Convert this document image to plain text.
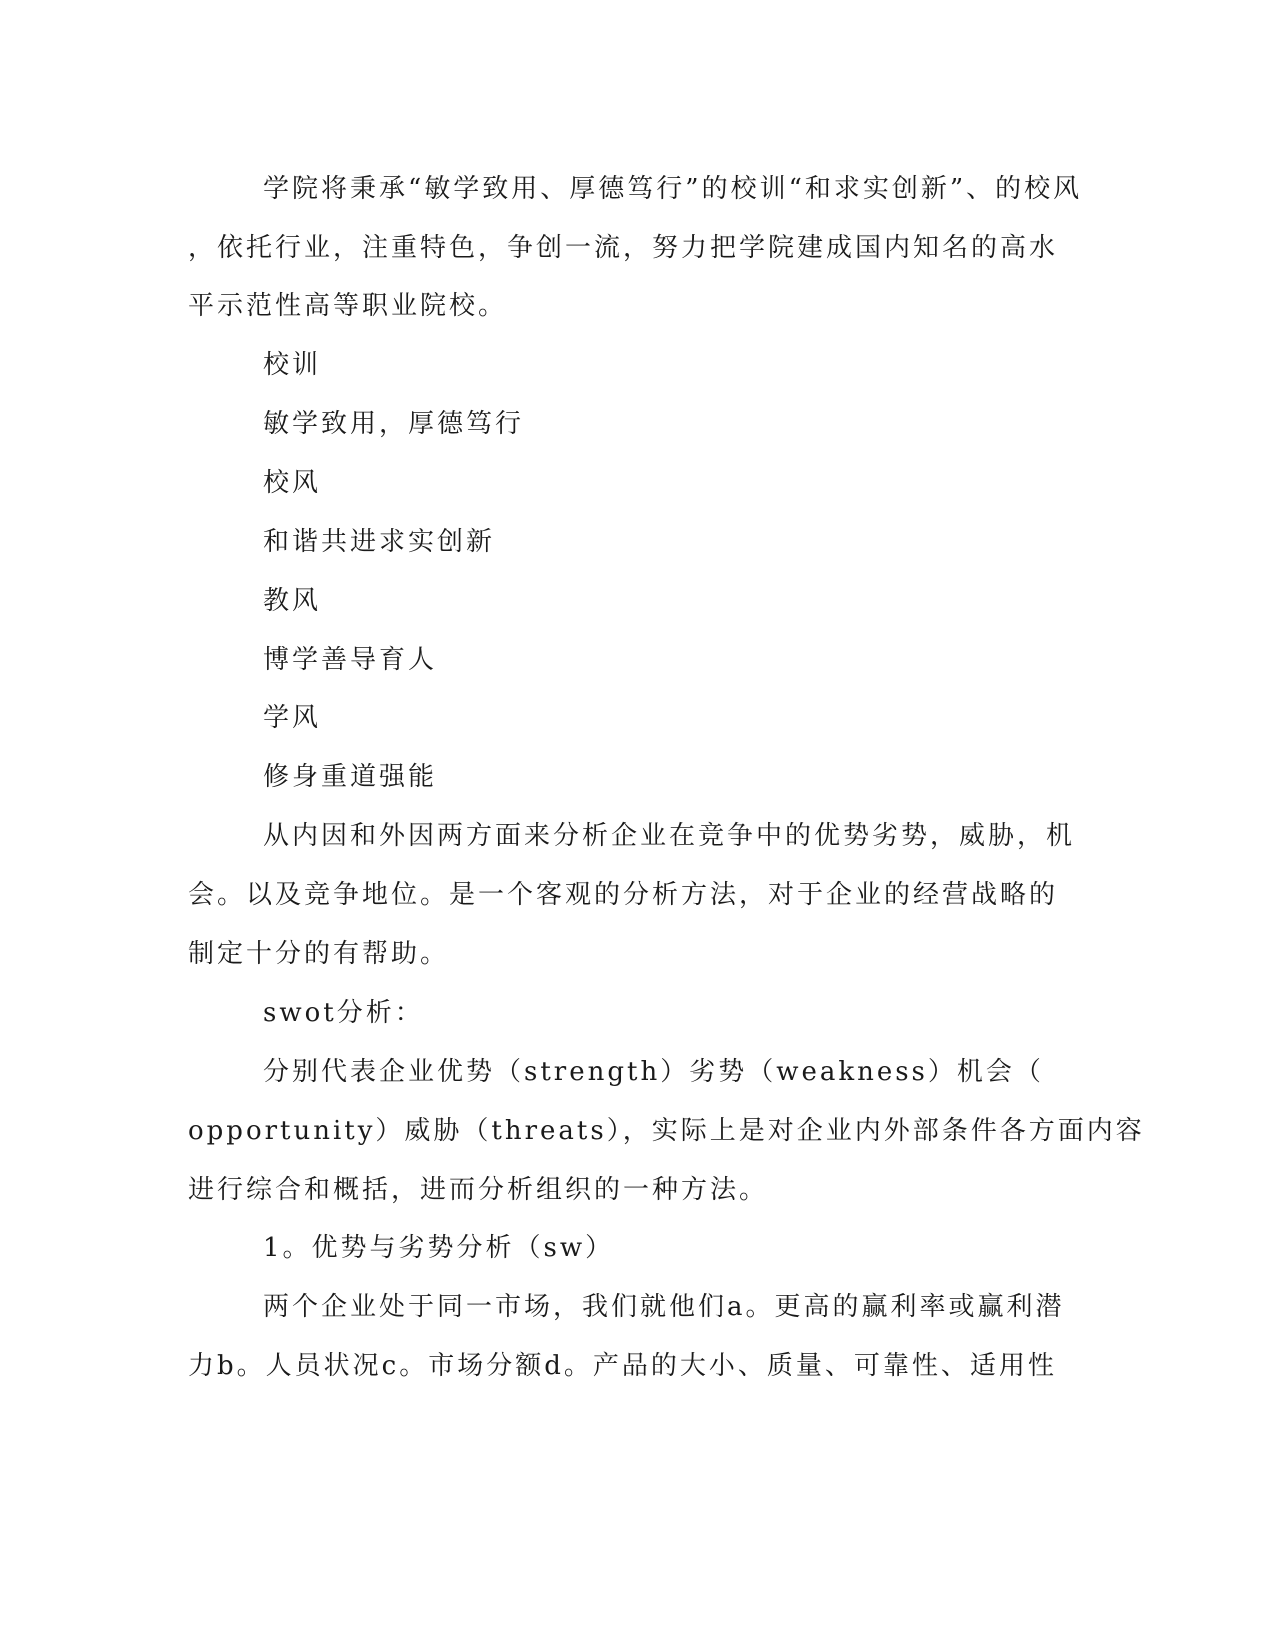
学院将秉承“敏学致用、厚德笃行”的校训“和求实创新”、的校风
，依托行业，注重特色，争创一流，努力把学院建成国内知名的高水
平示范性高等职业院校。
校训
敏学致用，厚德笃行
校风
和谐共进求实创新
教风
博学善导育人
学风
修身重道强能
从内因和外因两方面来分析企业在竞争中的优势劣势，威胁，机
会。以及竞争地位。是一个客观的分析方法，对于企业的经营战略的
制定十分的有帮助。
swot分析：
分别代表企业优势（strength）劣势（weakness）机会（
opportunity）威胁（threats），实际上是对企业内外部条件各方面内容
进行综合和概括，进而分析组织的一种方法。
1。优势与劣势分析（sw）
两个企业处于同一市场，我们就他们a。更高的赢利率或赢利潜
力b。人员状况c。市场分额d。产品的大小、质量、可靠性、适用性
